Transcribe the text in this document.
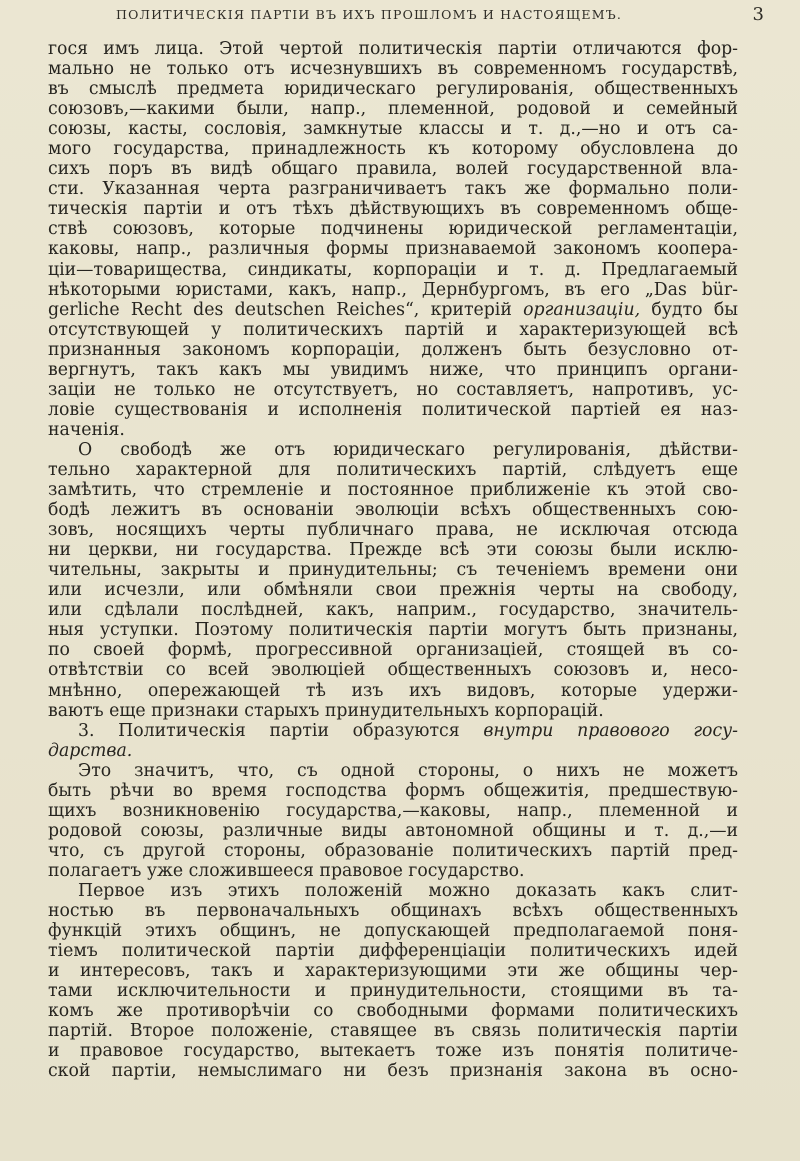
ПОЛИТИЧЕСКІЯ ПАРТІИ ВЪ ИХЪ ПРОШЛОМЪ И НАСТОЯЩЕМЪ.	3
гося имъ лица. Этой чертой политическія партіи отличаются фор-
мально не только отъ исчезнувшихъ въ современномъ государствѣ,
въ смыслѣ предмета юридическаго регулированія, общественныхъ
союзовъ,—какими были, напр., племенной, родовой и семейный
союзы, касты, сословія, замкнутые классы и т. д.,—но и отъ са-
мого государства, принадлежность къ которому обусловлена до
сихъ поръ въ видѣ общаго правила, волей государственной вла-
сти. Указанная черта разграничиваетъ такъ же формально поли-
тическія партіи и отъ тѣхъ дѣйствующихъ въ современномъ обще-
ствѣ союзовъ, которые подчинены юридической регламентаціи,
каковы, напр., различныя формы признаваемой закономъ коопера-
ціи—товарищества, синдикаты, корпораціи и т. д. Предлагаемый
нѣкоторыми юристами, какъ, напр., Дернбургомъ, въ его „Das bür-
gerliche Recht des deutschen Reiches“, критерій организаціи, будто бы
отсутствующей у политическихъ партій и характеризующей всѣ
признанныя закономъ корпораціи, долженъ быть безусловно от-
вергнутъ, такъ какъ мы увидимъ ниже, что принципъ органи-
заціи не только не отсутствуетъ, но составляетъ, напротивъ, ус-
ловіе существованія и исполненія политической партіей ея наз-
наченія.
О свободѣ же отъ юридическаго регулированія, дѣйстви-
тельно характерной для политическихъ партій, слѣдуетъ еще
замѣтить, что стремленіе и постоянное приближеніе къ этой сво-
бодѣ лежитъ въ основаніи эволюціи всѣхъ общественныхъ сою-
зовъ, носящихъ черты публичнаго права, не исключая отсюда
ни церкви, ни государства. Прежде всѣ эти союзы были исклю-
чительны, закрыты и принудительны; съ теченіемъ времени они
или исчезли, или обмѣняли свои прежнія черты на свободу,
или сдѣлали послѣдней, какъ, наприм., государство, значитель-
ныя уступки. Поэтому политическія партіи могутъ быть признаны,
по своей формѣ, прогрессивной организаціей, стоящей въ со-
отвѣтствіи со всей эволюціей общественныхъ союзовъ и, несо-
мнѣнно, опережающей тѣ изъ ихъ видовъ, которые удержи-
ваютъ еще признаки старыхъ принудительныхъ корпорацій.
3. Политическія партіи образуются внутри правового госу-
дарства.
Это значитъ, что, съ одной стороны, о нихъ не можетъ
быть рѣчи во время господства формъ общежитія, предшествую-
щихъ возникновенію государства,—каковы, напр., племенной и
родовой союзы, различные виды автономной общины и т. д.,—и
что, съ другой стороны, образованіе политическихъ партій пред-
полагаетъ уже сложившееся правовое государство.
Первое изъ этихъ положеній можно доказать какъ слит-
ностью въ первоначальныхъ общинахъ всѣхъ общественныхъ
функцій этихъ общинъ, не допускающей предполагаемой поня-
тіемъ политической партіи дифференціаціи политическихъ идей
и интересовъ, такъ и характеризующими эти же общины чер-
тами исключительности и принудительности, стоящими въ та-
комъ же противорѣчіи со свободными формами политическихъ
партій. Второе положеніе, ставящее въ связь политическія партіи
и правовое государство, вытекаетъ тоже изъ понятія политиче-
ской партіи, немыслимаго ни безъ признанія закона въ осно-
